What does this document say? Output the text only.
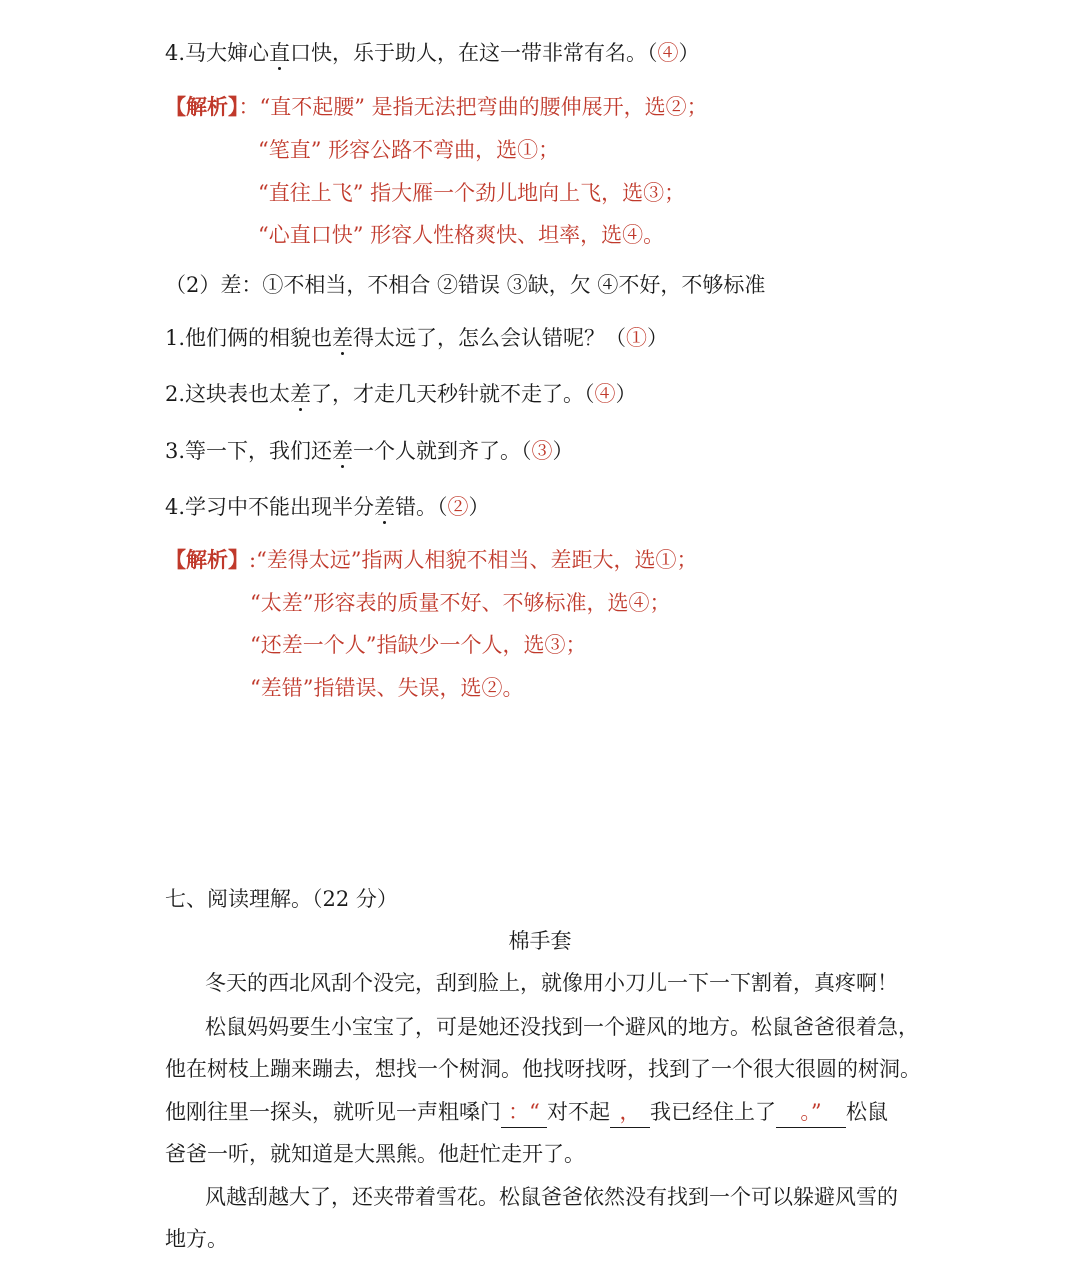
4.马大婶心直口快，乐于助人，在这一带非常有名。（④）
【解析】：“直不起腰” 是指无法把弯曲的腰伸展开，选②；
“笔直” 形容公路不弯曲，选①；
“直往上飞” 指大雁一个劲儿地向上飞，选③；
“心直口快” 形容人性格爽快、坦率，选④。
（2）差：①不相当，不相合 ②错误 ③缺，欠 ④不好，不够标准
1.他们俩的相貌也差得太远了，怎么会认错呢？（①）
2.这块表也太差了，才走几天秒针就不走了。（④）
3.等一下，我们还差一个人就到齐了。（③）
4.学习中不能出现半分差错。（②）
【解析】:“差得太远”指两人相貌不相当、差距大，选①；
“太差”形容表的质量不好、不够标准，选④；
“还差一个人”指缺少一个人，选③；
“差错”指错误、失误，选②。
七、阅读理解。（22 分）
棉手套
冬天的西北风刮个没完，刮到脸上，就像用小刀儿一下一下割着，真疼啊！
松鼠妈妈要生小宝宝了，可是她还没找到一个避风的地方。松鼠爸爸很着急，
他在树枝上蹦来蹦去，想找一个树洞。他找呀找呀，找到了一个很大很圆的树洞。
他刚往里一探头，就听见一声粗嗓门 ：“ 对不起 ， 我已经住上了 。” 松鼠
爸爸一听，就知道是大黑熊。他赶忙走开了。
风越刮越大了，还夹带着雪花。松鼠爸爸依然没有找到一个可以躲避风雪的
地方。
